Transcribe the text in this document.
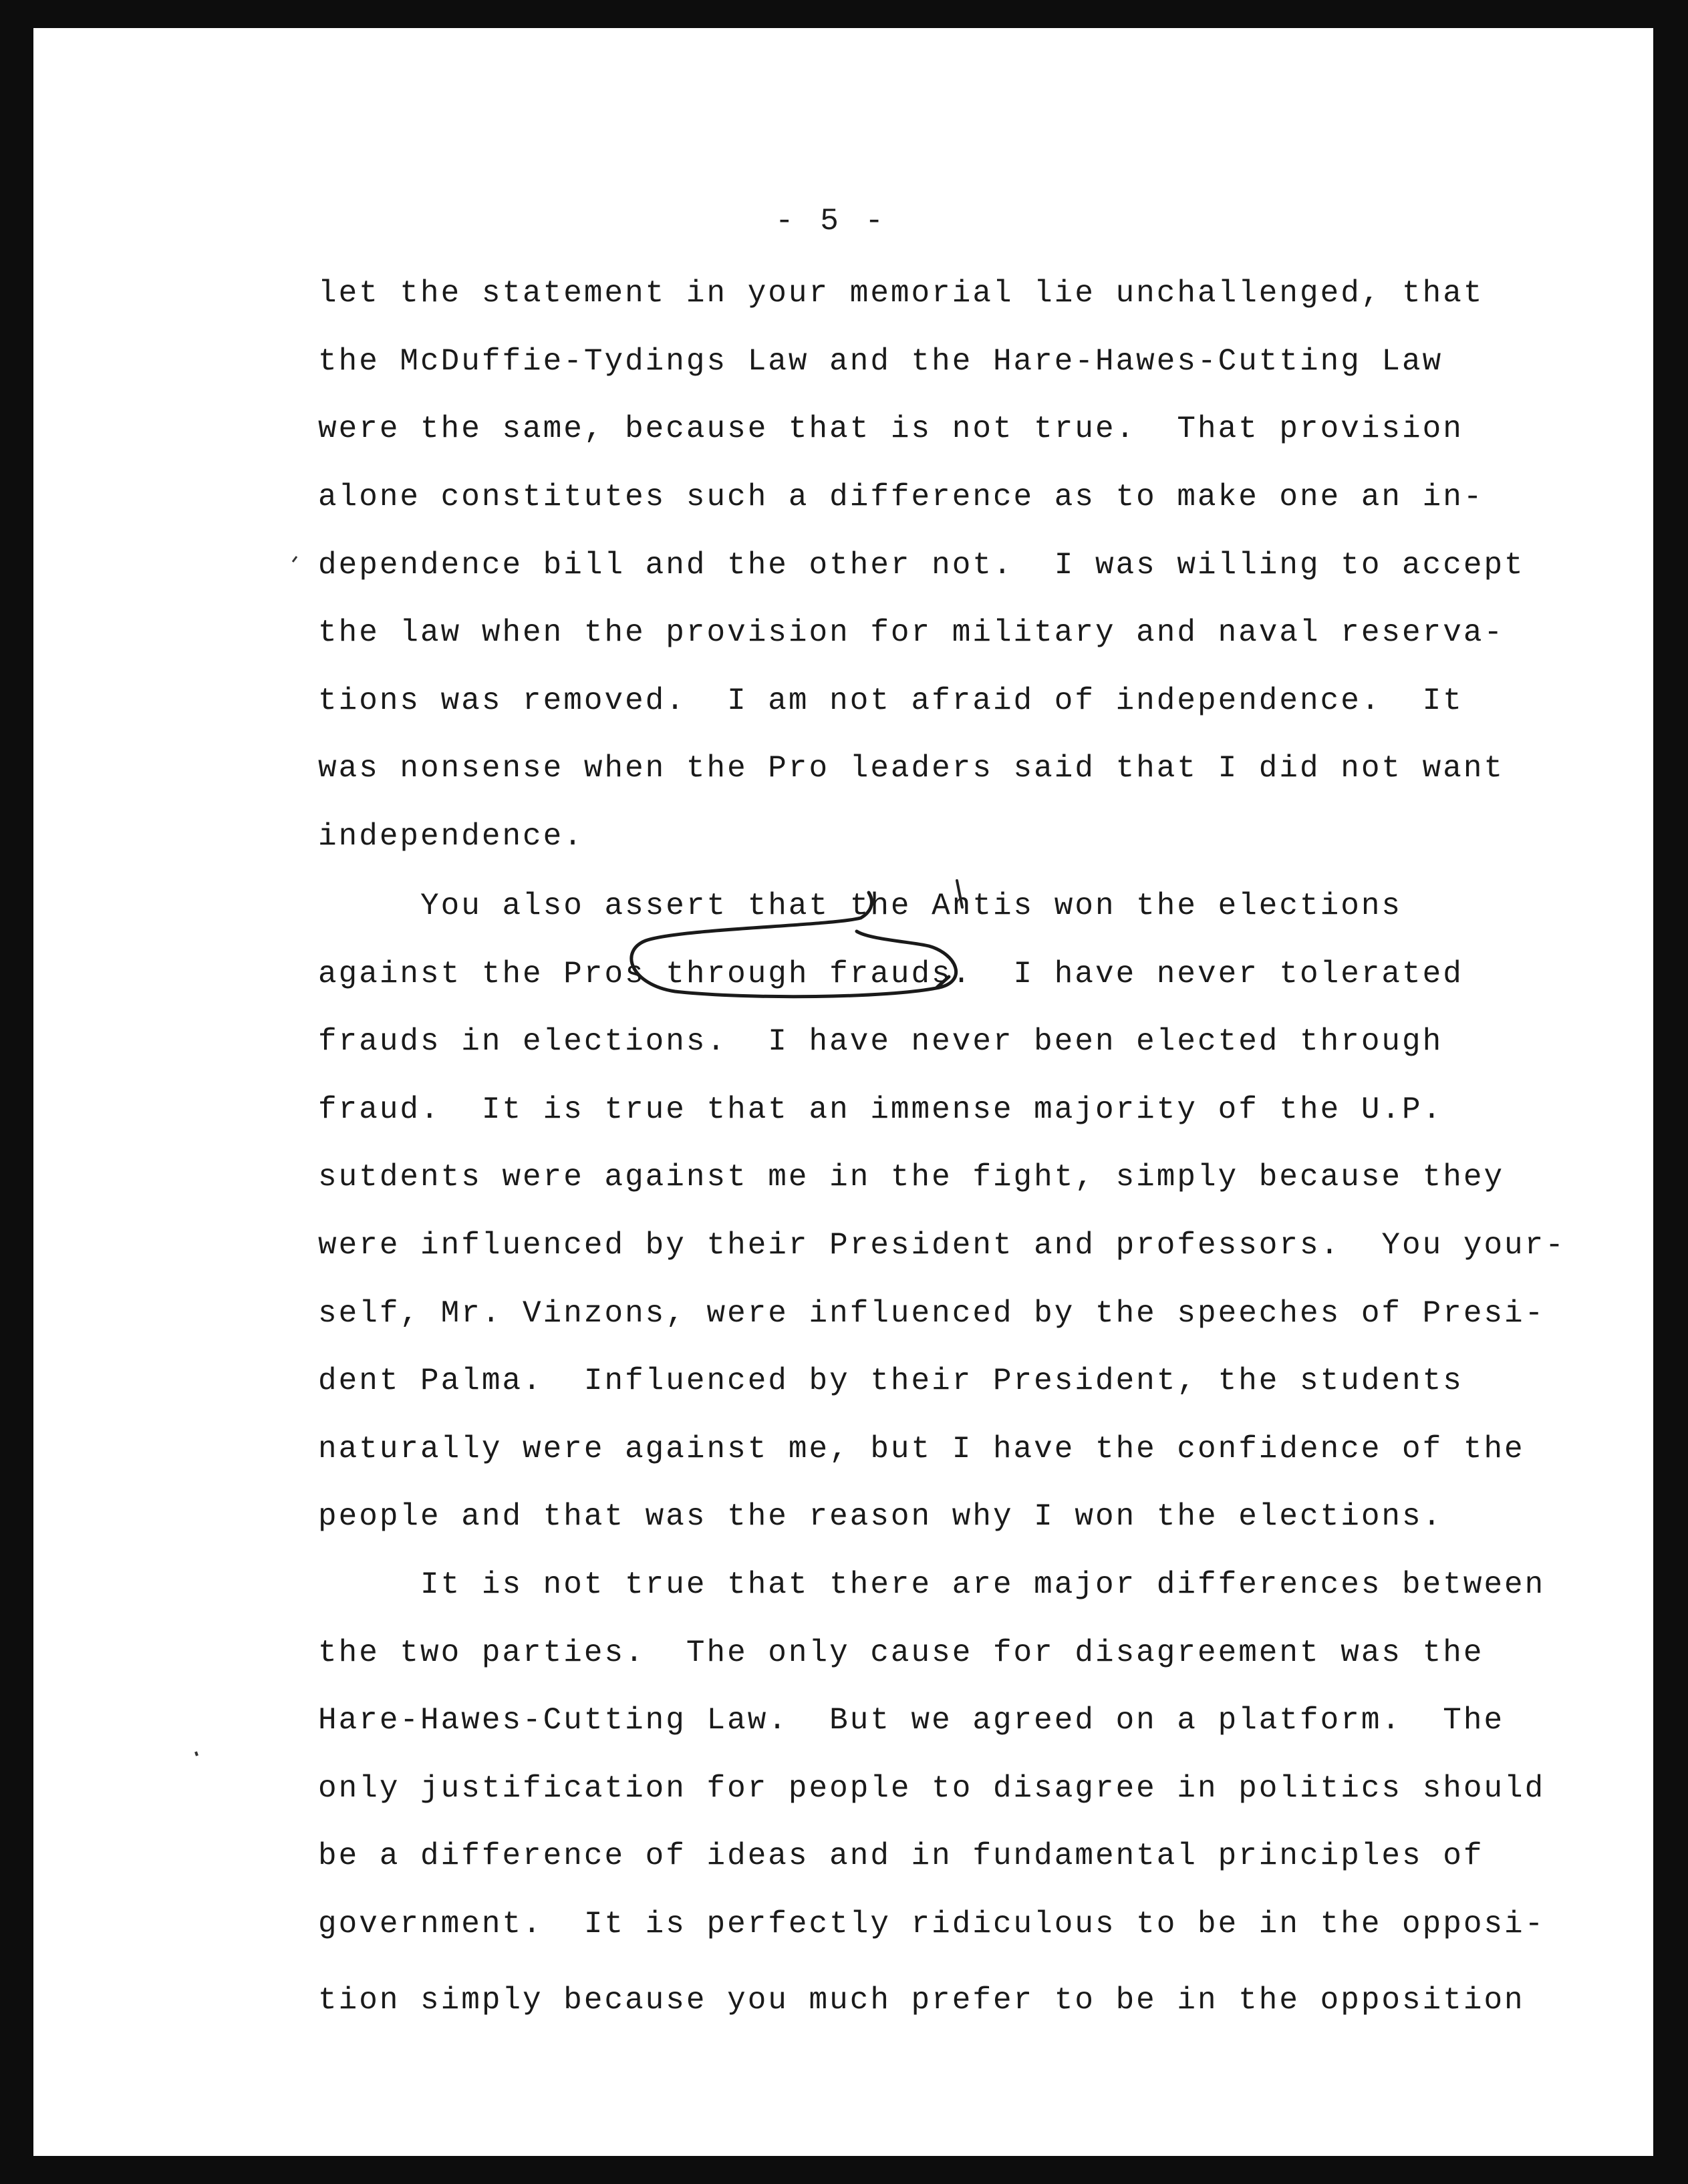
- 5 -
let the statement in your memorial lie unchallenged, that
the McDuffie-Tydings Law and the Hare-Hawes-Cutting Law
were the same, because that is not true.  That provision
alone constitutes such a difference as to make one an in-
dependence bill and the other not.  I was willing to accept
the law when the provision for military and naval reserva-
tions was removed.  I am not afraid of independence.  It
was nonsense when the Pro leaders said that I did not want
independence.
You also assert that the Antis won the elections
against the Pros through frauds.  I have never tolerated
frauds in elections.  I have never been elected through
fraud.  It is true that an immense majority of the U.P.
sutdents were against me in the fight, simply because they
were influenced by their President and professors.  You your-
self, Mr. Vinzons, were influenced by the speeches of Presi-
dent Palma.  Influenced by their President, the students
naturally were against me, but I have the confidence of the
people and that was the reason why I won the elections.
It is not true that there are major differences between
the two parties.  The only cause for disagreement was the
Hare-Hawes-Cutting Law.  But we agreed on a platform.  The
only justification for people to disagree in politics should
be a difference of ideas and in fundamental principles of
government.  It is perfectly ridiculous to be in the opposi-
tion simply because you much prefer to be in the opposition
